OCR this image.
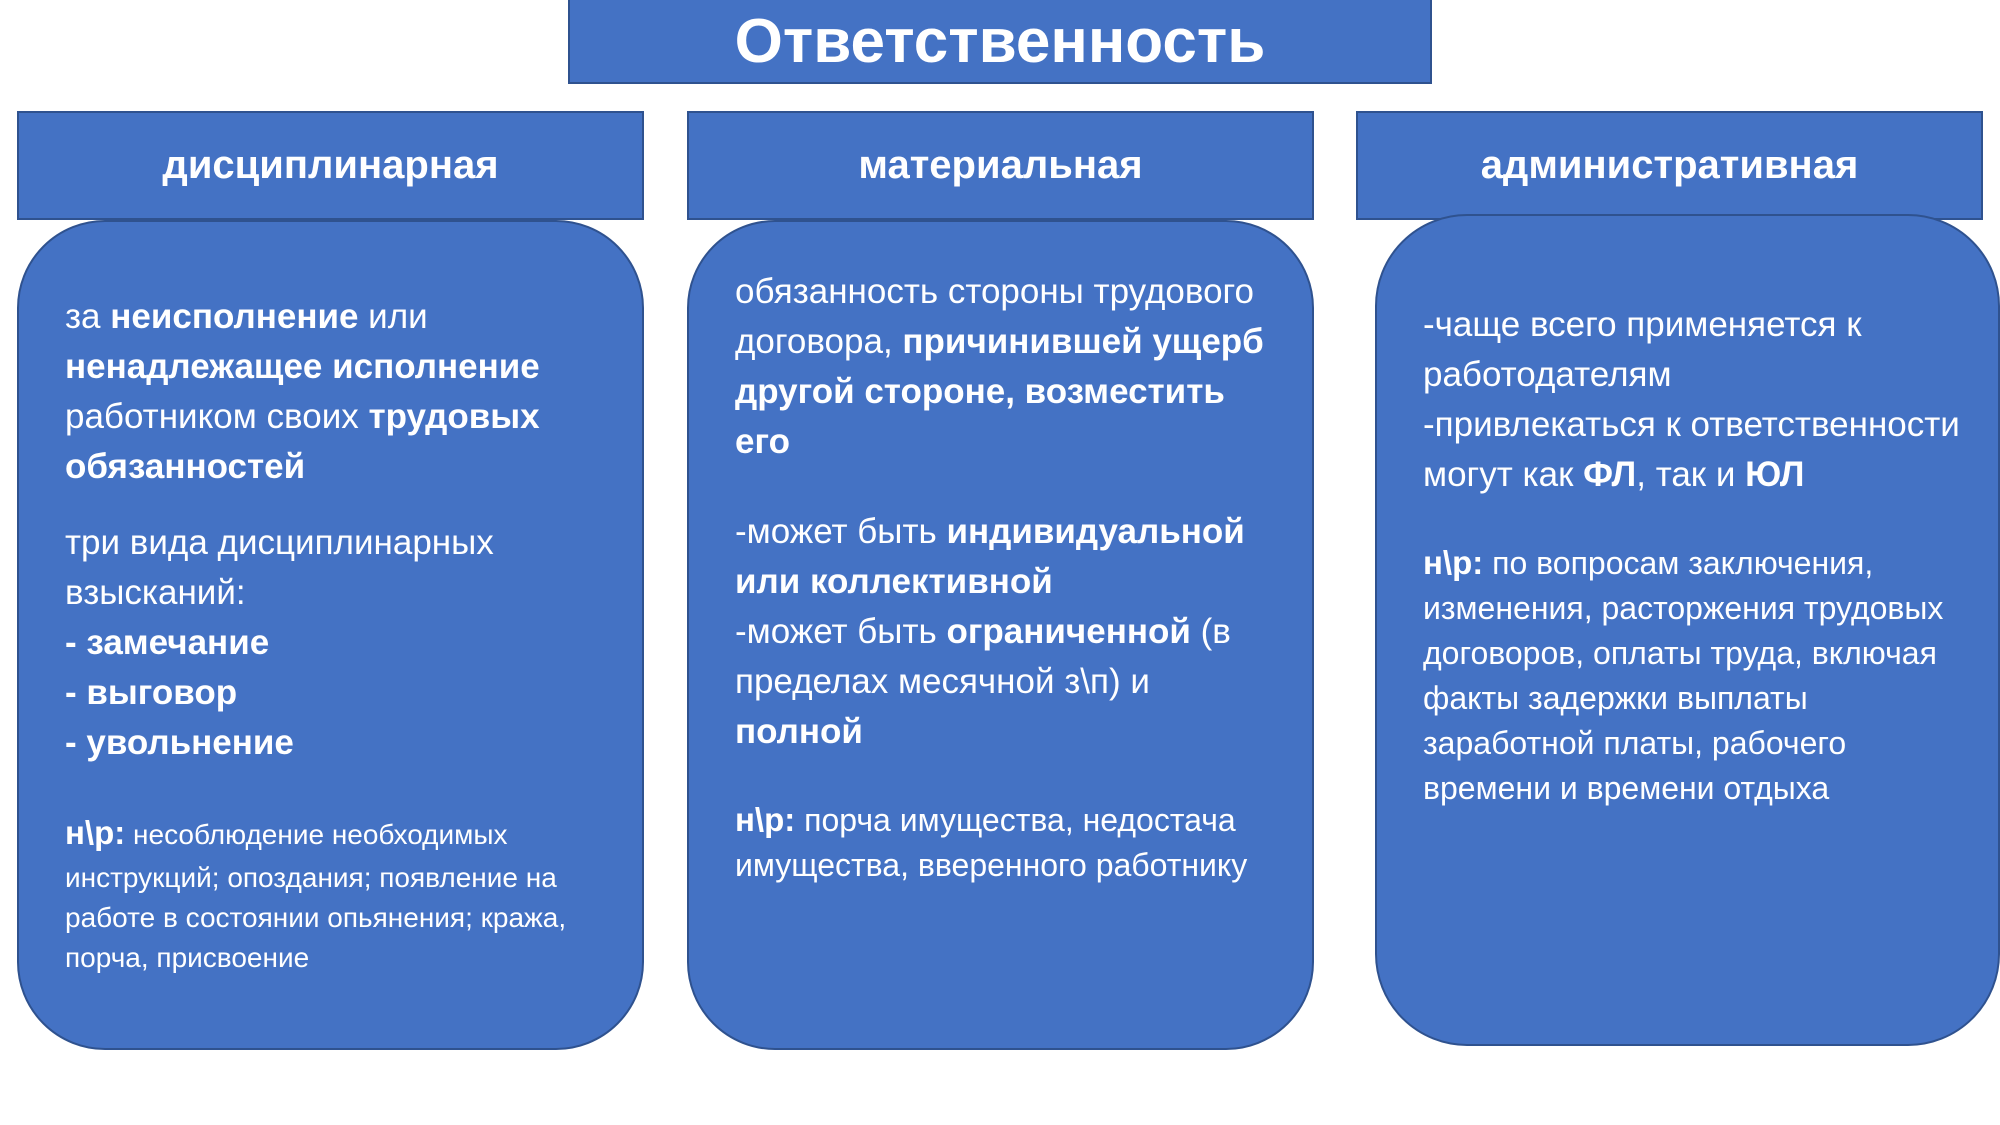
Ответственность
дисциплинарная

за неисполнение или ненадлежащее исполнение работником своих трудовых обязанностей

три вида дисциплинарных взысканий:

- замечание

- выговор

- увольнение

н\р: несоблюдение необходимых инструкций; опоздания; появление на работе в состоянии опьянения; кража, порча, присвоение

материальная

обязанность стороны трудового договора, причинившей ущерб другой стороне, возместить его

-может быть индивидуальной или коллективной

-может быть ограниченной (в пределах месячной з\п) и полной

н\р: порча имущества, недостача имущества, вверенного работнику

административная

-чаще всего применяется к работодателям

-привлекаться к ответственности могут как ФЛ, так и ЮЛ

н\р: по вопросам заключения, изменения, расторжения трудовых договоров, оплаты труда, включая факты задержки выплаты заработной платы, рабочего времени и времени отдыха
